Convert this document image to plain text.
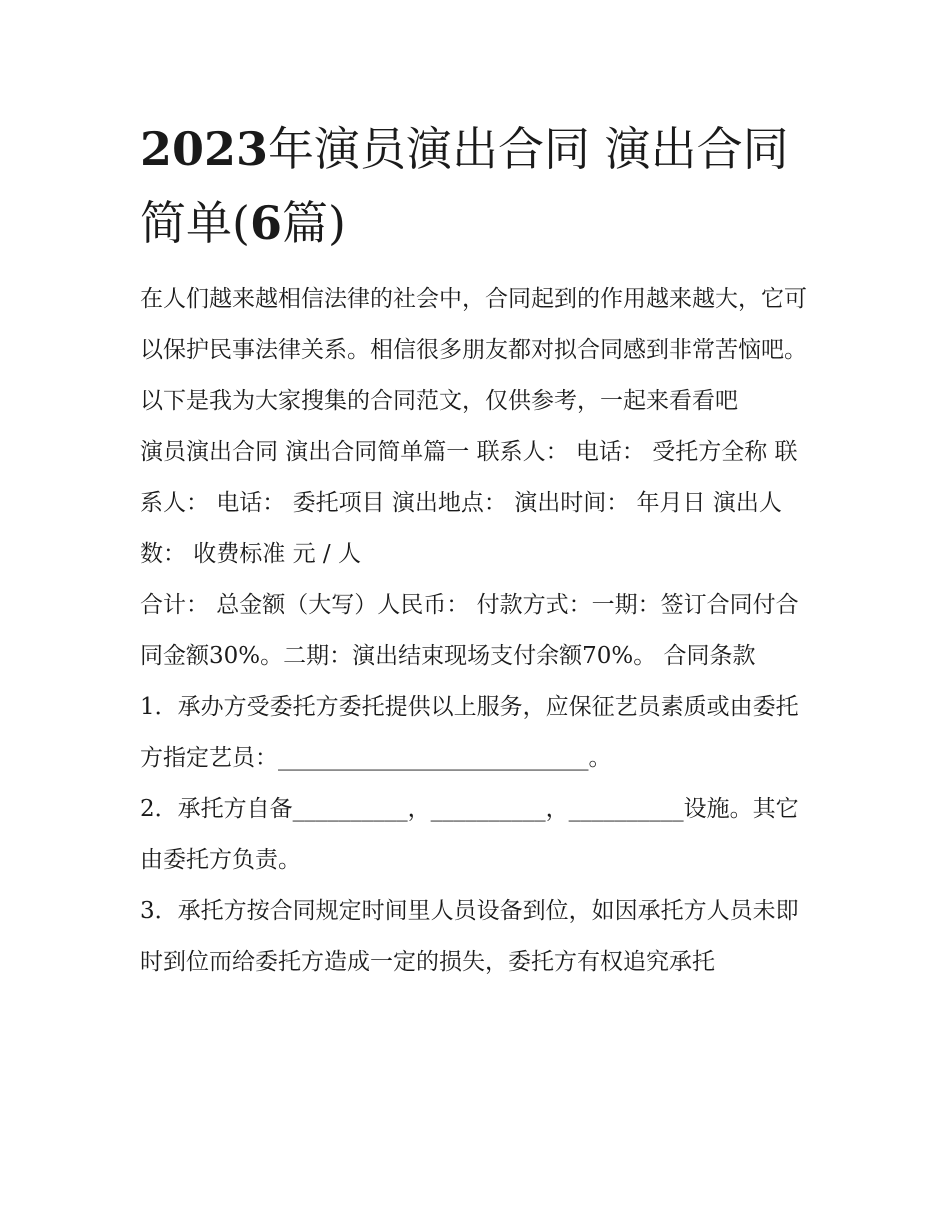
2023年演员演出合同 演出合同简单(6篇)

在人们越来越相信法律的社会中，合同起到的作用越来越大，它可以保护民事法律关系。相信很多朋友都对拟合同感到非常苦恼吧。以下是我为大家搜集的合同范文，仅供参考，一起来看看吧

演员演出合同 演出合同简单篇一 联系人： 电话： 受托方全称 联系人： 电话： 委托项目 演出地点： 演出时间： 年月日 演出人数： 收费标准 元 / 人

合计： 总金额（大写）人民币： 付款方式：一期：签订合同付合同金额30%。二期：演出结束现场支付余额70%。 合同条款

1．承办方受委托方委托提供以上服务，应保征艺员素质或由委托方指定艺员：___________________________。

2．承托方自备__________，__________，__________设施。其它由委托方负责。

3．承托方按合同规定时间里人员设备到位，如因承托方人员未即时到位而给委托方造成一定的损失，委托方有权追究承托
